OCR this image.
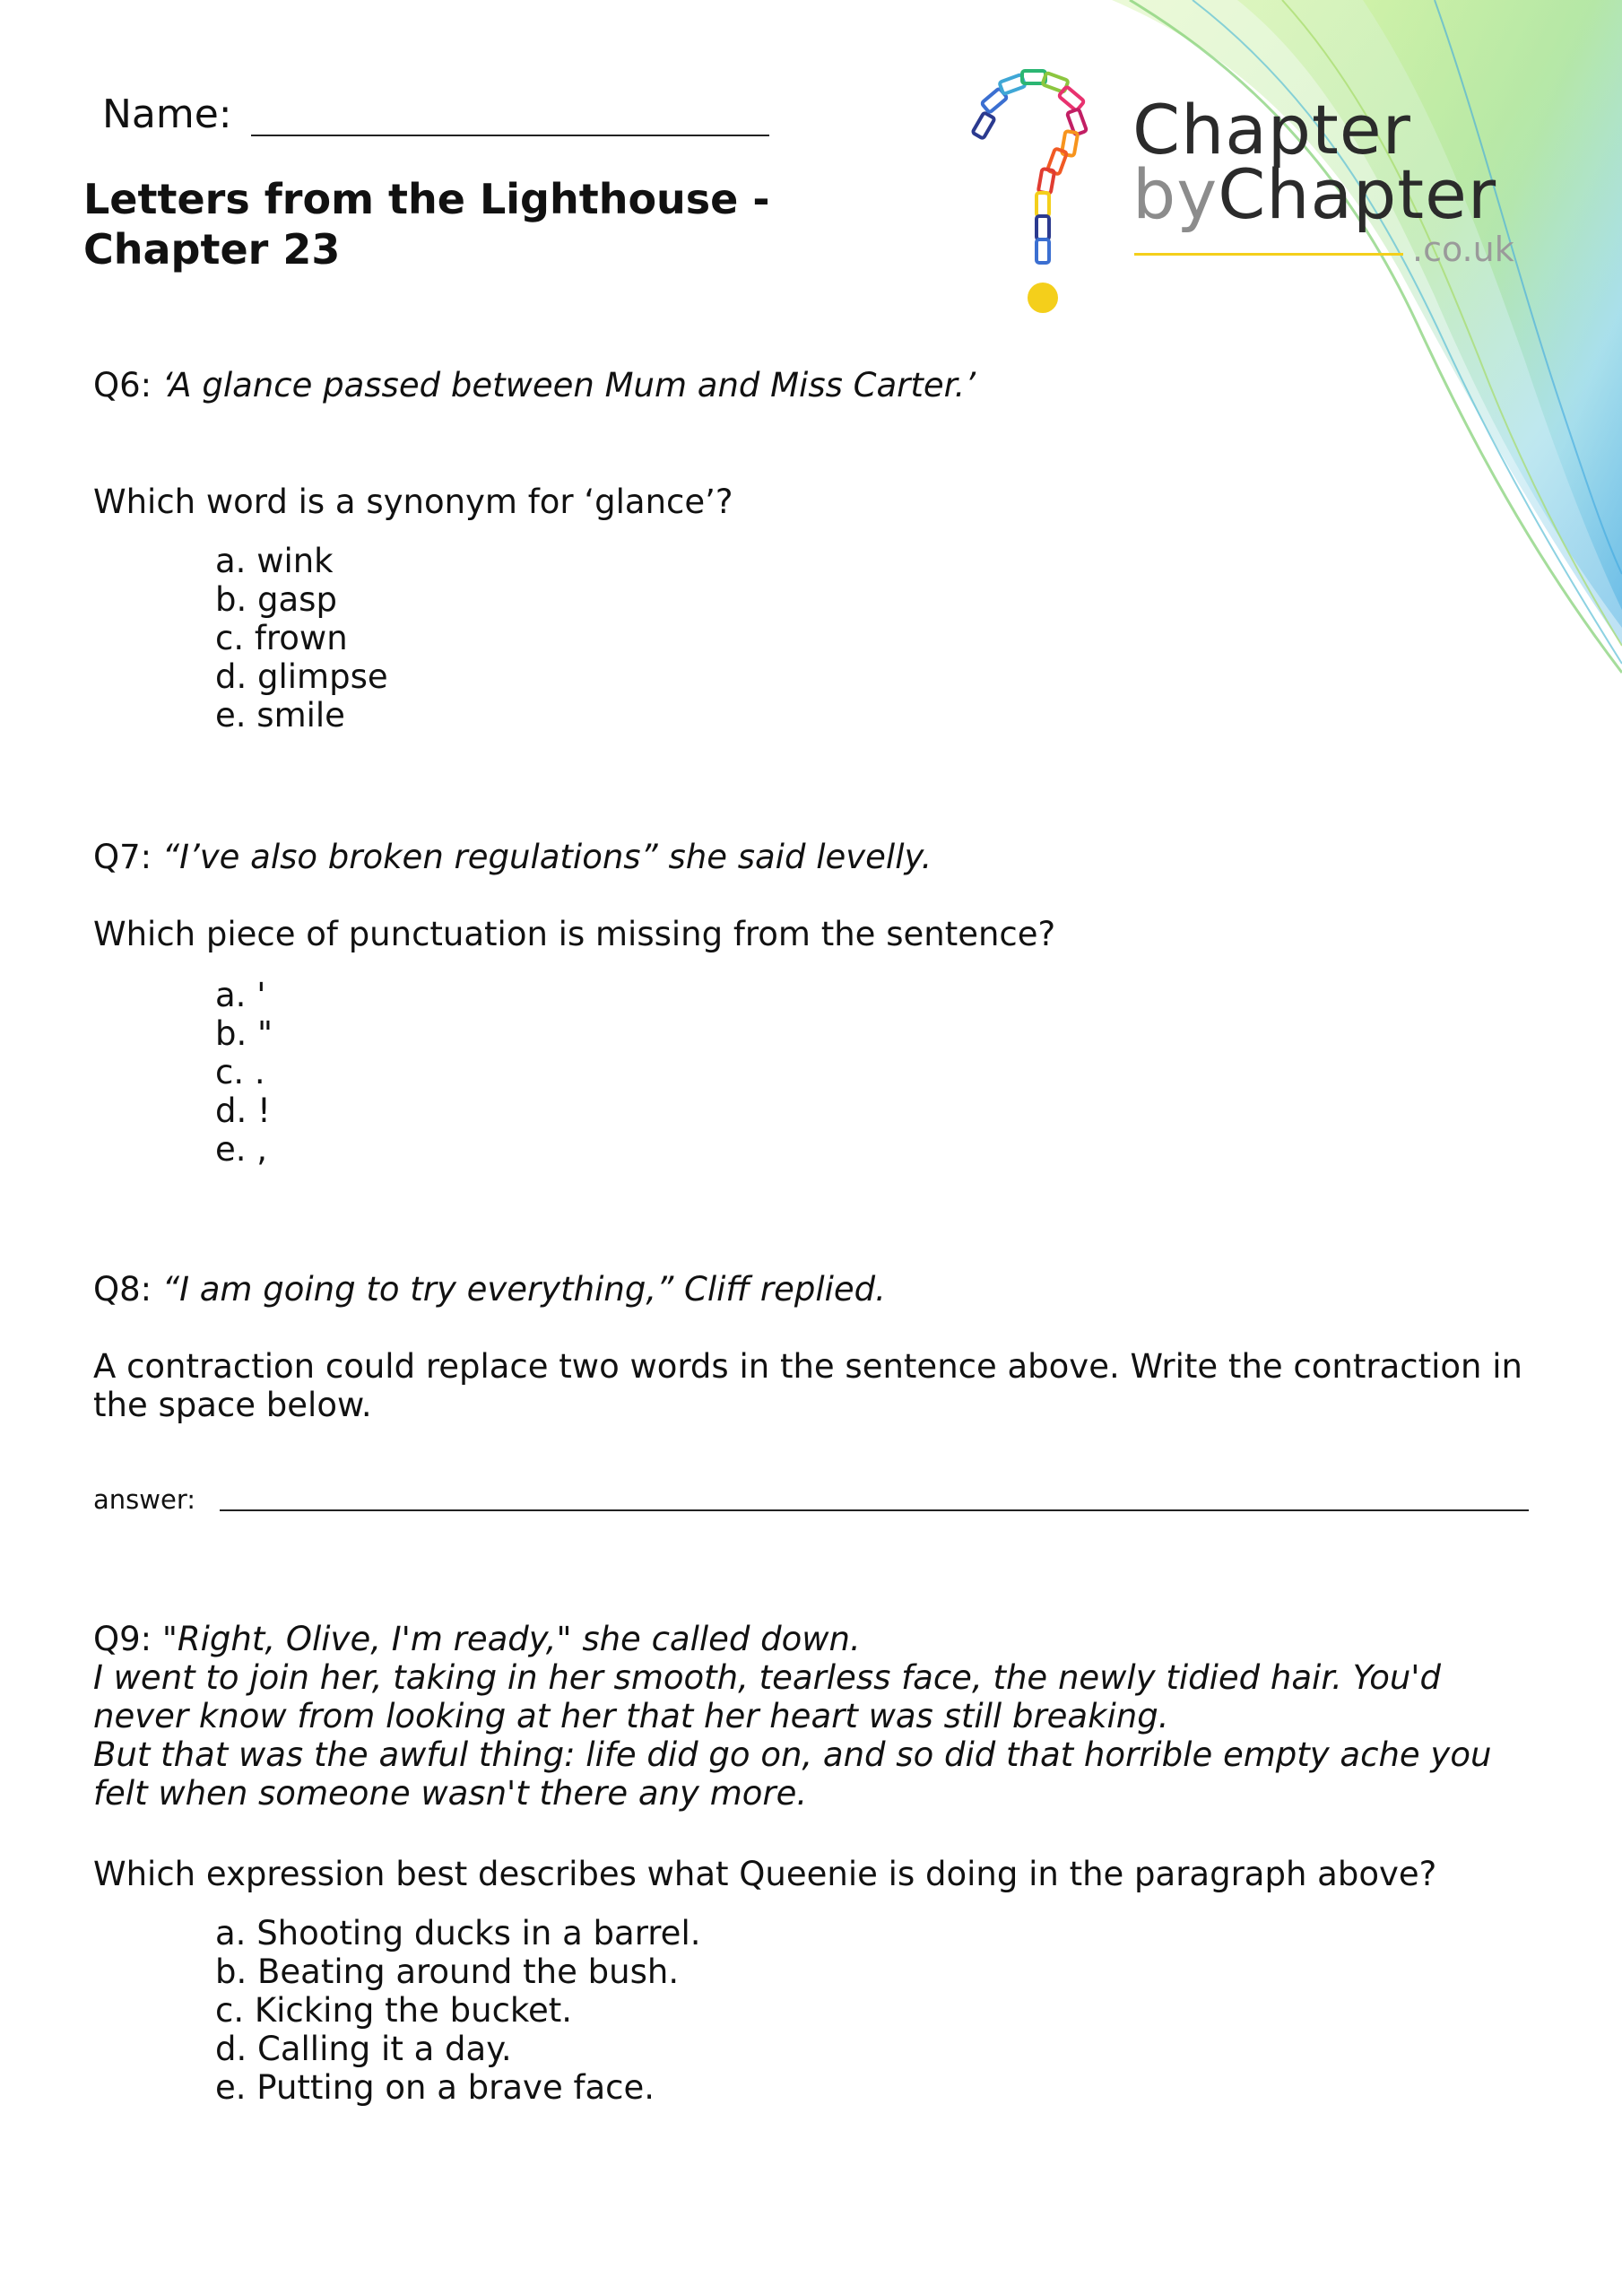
Name:
Letters from the Lighthouse - Chapter 23
Chapter
byChapter
.co.uk
Q6: ‘A glance passed between Mum and Miss Carter.’
Which word is a synonym for ‘glance’?
a. wink
b. gasp
c. frown
d. glimpse
e. smile
Q7: “I’ve also broken regulations” she said levelly.
Which piece of punctuation is missing from the sentence?
a. '
b. "
c. .
d. !
e. ,
Q8: “I am going to try everything,” Cliff replied.
A contraction could replace two words in the sentence above. Write the contraction in the space below.
answer:
Q9: "Right, Olive, I'm ready," she called down.
I went to join her, taking in her smooth, tearless face, the newly tidied hair. You'd never know from looking at her that her heart was still breaking.
But that was the awful thing: life did go on, and so did that horrible empty ache you felt when someone wasn't there any more.
Which expression best describes what Queenie is doing in the paragraph above?
a. Shooting ducks in a barrel.
b. Beating around the bush.
c. Kicking the bucket.
d. Calling it a day.
e. Putting on a brave face.
